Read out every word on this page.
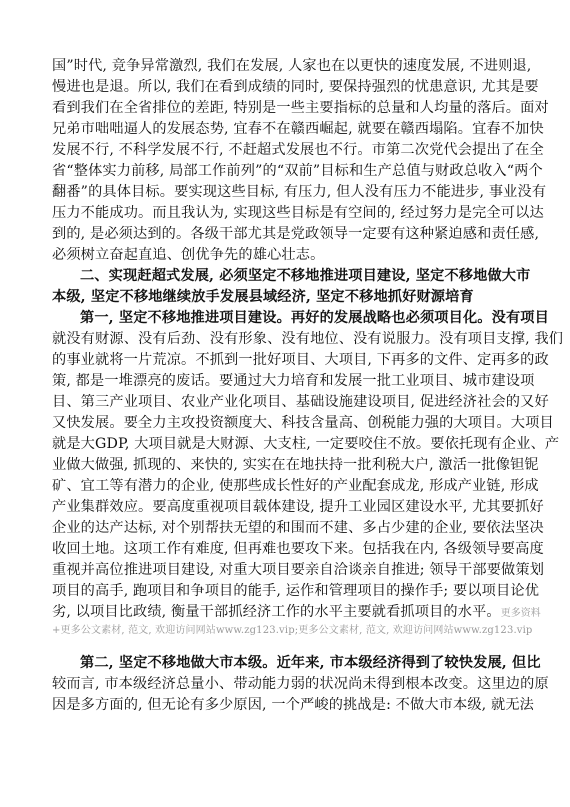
国”时代, 竞争异常激烈, 我们在发展, 人家也在以更快的速度发展, 不进则退,
慢进也是退。所以, 我们在看到成绩的同时, 要保持强烈的忧患意识, 尤其是要
看到我们在全省排位的差距, 特别是一些主要指标的总量和人均量的落后。面对
兄弟市咄咄逼人的发展态势, 宜春不在赣西崛起, 就要在赣西塌陷。宜春不加快
发展不行, 不科学发展不行, 不赶超式发展也不行。市第二次党代会提出了在全
省“整体实力前移, 局部工作前列”的“双前”目标和生产总值与财政总收入“两个
翻番”的具体目标。要实现这些目标, 有压力, 但人没有压力不能进步, 事业没有
压力不能成功。而且我认为, 实现这些目标是有空间的, 经过努力是完全可以达
到的, 是必须达到的。各级干部尤其是党政领导一定要有这种紧迫感和责任感,
必须树立奋起直追、创优争先的雄心壮志。
二、实现赶超式发展, 必须坚定不移地推进项目建设, 坚定不移地做大市
本级, 坚定不移地继续放手发展县域经济, 坚定不移地抓好财源培育
第一, 坚定不移地推进项目建设。再好的发展战略也必须项目化。没有项目
就没有财源、没有后劲、没有形象、没有地位、没有说服力。没有项目支撑, 我们
的事业就将一片荒凉。不抓到一批好项目、大项目, 下再多的文件、定再多的政
策, 都是一堆漂亮的废话。要通过大力培育和发展一批工业项目、城市建设项
目、第三产业项目、农业产业化项目、基础设施建设项目, 促进经济社会的又好
又快发展。要全力主攻投资额度大、科技含量高、创税能力强的大项目。大项目
就是大GDP, 大项目就是大财源、大支柱, 一定要咬住不放。要依托现有企业、产
业做大做强, 抓现的、来快的, 实实在在地扶持一批利税大户, 激活一批像钽铌
矿、宜工等有潜力的企业, 使那些成长性好的产业配套成龙, 形成产业链, 形成
产业集群效应。要高度重视项目载体建设, 提升工业园区建设水平, 尤其要抓好
企业的达产达标, 对个别帮扶无望的和围而不建、多占少建的企业, 要依法坚决
收回土地。这项工作有难度, 但再难也要攻下来。包括我在内, 各级领导要高度
重视并高位推进项目建设, 对重大项目要亲自洽谈亲自推进; 领导干部要做策划
项目的高手, 跑项目和争项目的能手, 运作和管理项目的操作手; 要以项目论优
劣, 以项目比政绩, 衡量干部抓经济工作的水平主要就看抓项目的水平。更多资料
+更多公文素材, 范文, 欢迎访问网站www.zg123.vip;更多公文素材, 范文, 欢迎访问网站www.zg123.vip
第二, 坚定不移地做大市本级。近年来, 市本级经济得到了较快发展, 但比
较而言, 市本级经济总量小、带动能力弱的状况尚未得到根本改变。这里边的原
因是多方面的, 但无论有多少原因, 一个严峻的挑战是: 不做大市本级, 就无法
